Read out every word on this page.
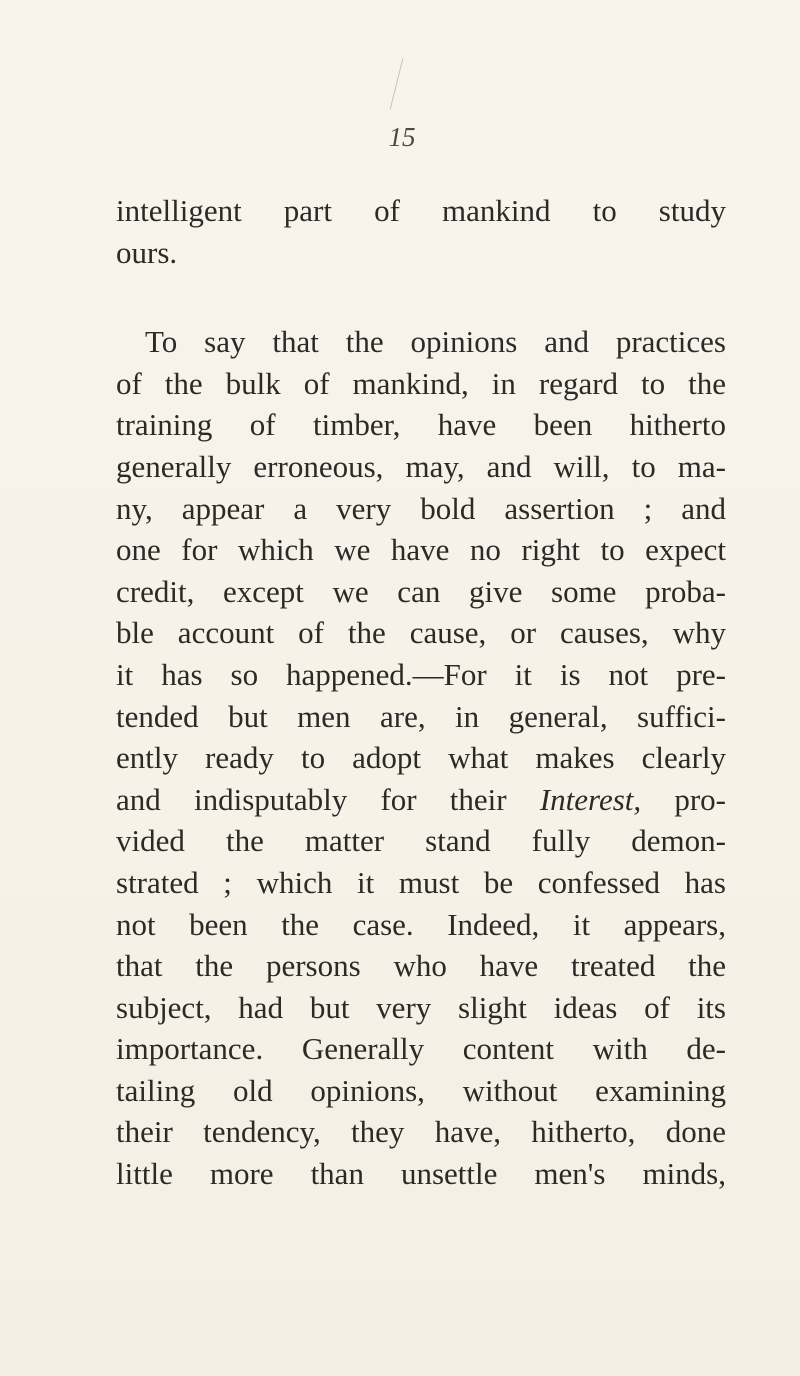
15
intelligent part of mankind to study
ours.
To say that the opinions and practices
of the bulk of mankind, in regard to the
training of timber, have been hitherto
generally erroneous, may, and will, to ma-
ny, appear a very bold assertion ; and
one for which we have no right to expect
credit, except we can give some proba-
ble account of the cause, or causes, why
it has so happened.—For it is not pre-
tended but men are, in general, suffici-
ently ready to adopt what makes clearly
and indisputably for their Interest, pro-
vided the matter stand fully demon-
strated ; which it must be confessed has
not been the case. Indeed, it appears,
that the persons who have treated the
subject, had but very slight ideas of its
importance. Generally content with de-
tailing old opinions, without examining
their tendency, they have, hitherto, done
little more than unsettle men's minds,
